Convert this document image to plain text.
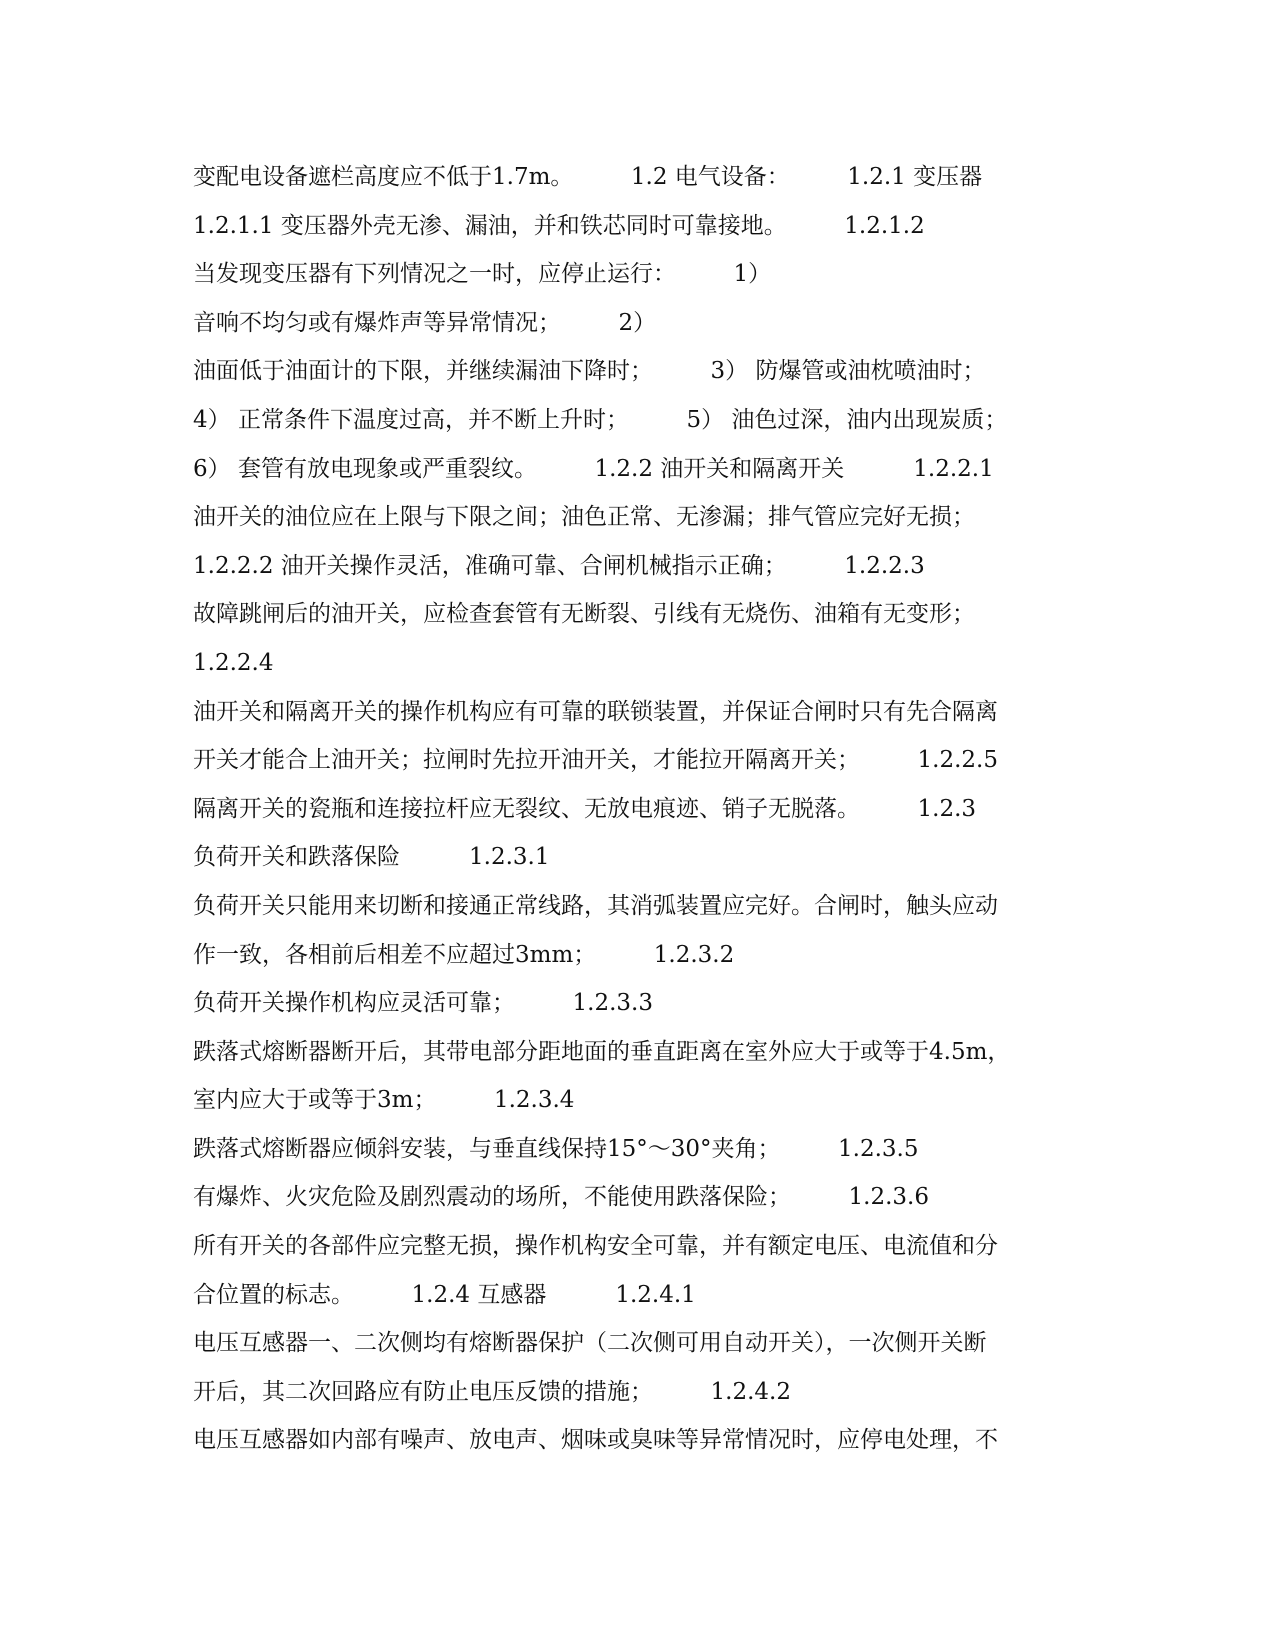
变配电设备遮栏高度应不低于1.7m。　　　1.2 电气设备：　　　1.2.1 变压器
1.2.1.1 变压器外壳无渗、漏油，并和铁芯同时可靠接地。　　　1.2.1.2
当发现变压器有下列情况之一时，应停止运行：　　　1）
音响不均匀或有爆炸声等异常情况；　　　2）
油面低于油面计的下限，并继续漏油下降时；　　　3） 防爆管或油枕喷油时；
4） 正常条件下温度过高，并不断上升时；　　　5） 油色过深，油内出现炭质；
6） 套管有放电现象或严重裂纹。　　　1.2.2 油开关和隔离开关　　　1.2.2.1
油开关的油位应在上限与下限之间；油色正常、无渗漏；排气管应完好无损；
1.2.2.2 油开关操作灵活，准确可靠、合闸机械指示正确；　　　1.2.2.3
故障跳闸后的油开关，应检查套管有无断裂、引线有无烧伤、油箱有无变形；
1.2.2.4
油开关和隔离开关的操作机构应有可靠的联锁装置，并保证合闸时只有先合隔离
开关才能合上油开关；拉闸时先拉开油开关，才能拉开隔离开关；　　　1.2.2.5
隔离开关的瓷瓶和连接拉杆应无裂纹、无放电痕迹、销子无脱落。　　　1.2.3
负荷开关和跌落保险　　　1.2.3.1
负荷开关只能用来切断和接通正常线路，其消弧装置应完好。合闸时，触头应动
作一致，各相前后相差不应超过3mm；　　　1.2.3.2
负荷开关操作机构应灵活可靠；　　　1.2.3.3
跌落式熔断器断开后，其带电部分距地面的垂直距离在室外应大于或等于4.5m，
室内应大于或等于3m；　　　1.2.3.4
跌落式熔断器应倾斜安装，与垂直线保持15°～30°夹角；　　　1.2.3.5
有爆炸、火灾危险及剧烈震动的场所，不能使用跌落保险；　　　1.2.3.6
所有开关的各部件应完整无损，操作机构安全可靠，并有额定电压、电流值和分
合位置的标志。　　　1.2.4 互感器　　　1.2.4.1
电压互感器一、二次侧均有熔断器保护（二次侧可用自动开关），一次侧开关断
开后，其二次回路应有防止电压反馈的措施；　　　1.2.4.2
电压互感器如内部有噪声、放电声、烟味或臭味等异常情况时，应停电处理，不
